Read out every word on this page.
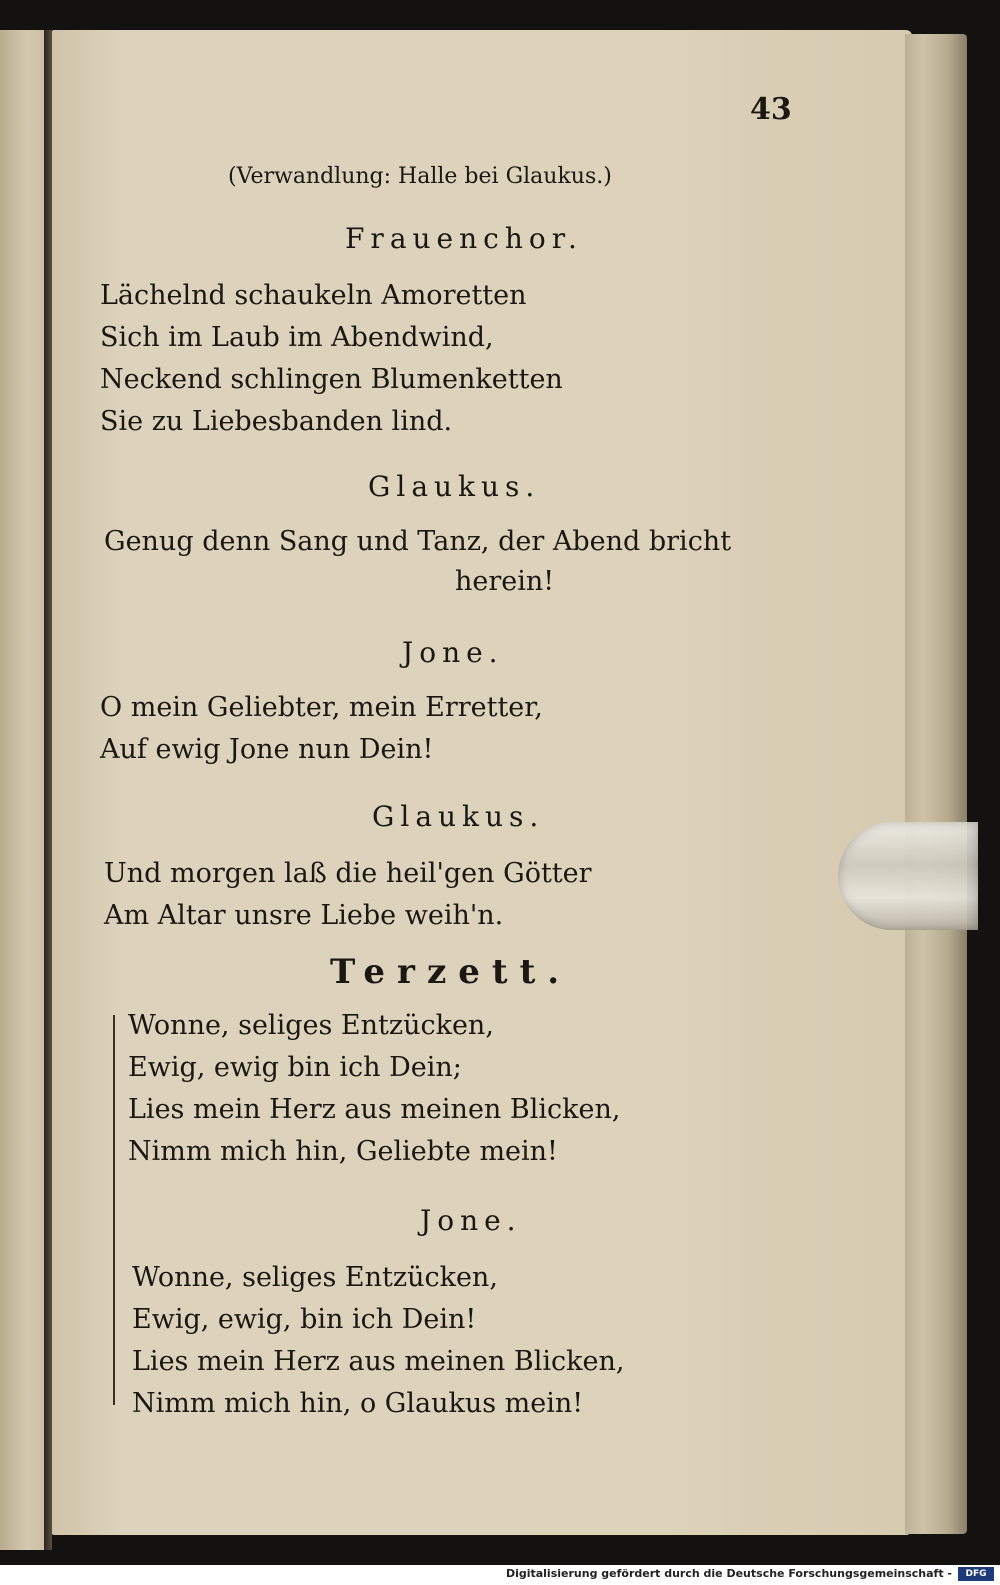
43
(Verwandlung: Halle bei Glaukus.)
Frauenchor.
Lächelnd schaukeln Amoretten
Sich im Laub im Abendwind,
Neckend schlingen Blumenketten
Sie zu Liebesbanden lind.
Glaukus.
Genug denn Sang und Tanz, der Abend bricht
herein!
Jone.
O mein Geliebter, mein Erretter,
Auf ewig Jone nun Dein!
Glaukus.
Und morgen laß die heil'gen Götter
Am Altar unsre Liebe weih'n.
Terzett.
Wonne, seliges Entzücken,
Ewig, ewig bin ich Dein;
Lies mein Herz aus meinen Blicken,
Nimm mich hin, Geliebte mein!
Jone.
Wonne, seliges Entzücken,
Ewig, ewig, bin ich Dein!
Lies mein Herz aus meinen Blicken,
Nimm mich hin, o Glaukus mein!
Digitalisierung gefördert durch die Deutsche Forschungsgemeinschaft -	DFG
